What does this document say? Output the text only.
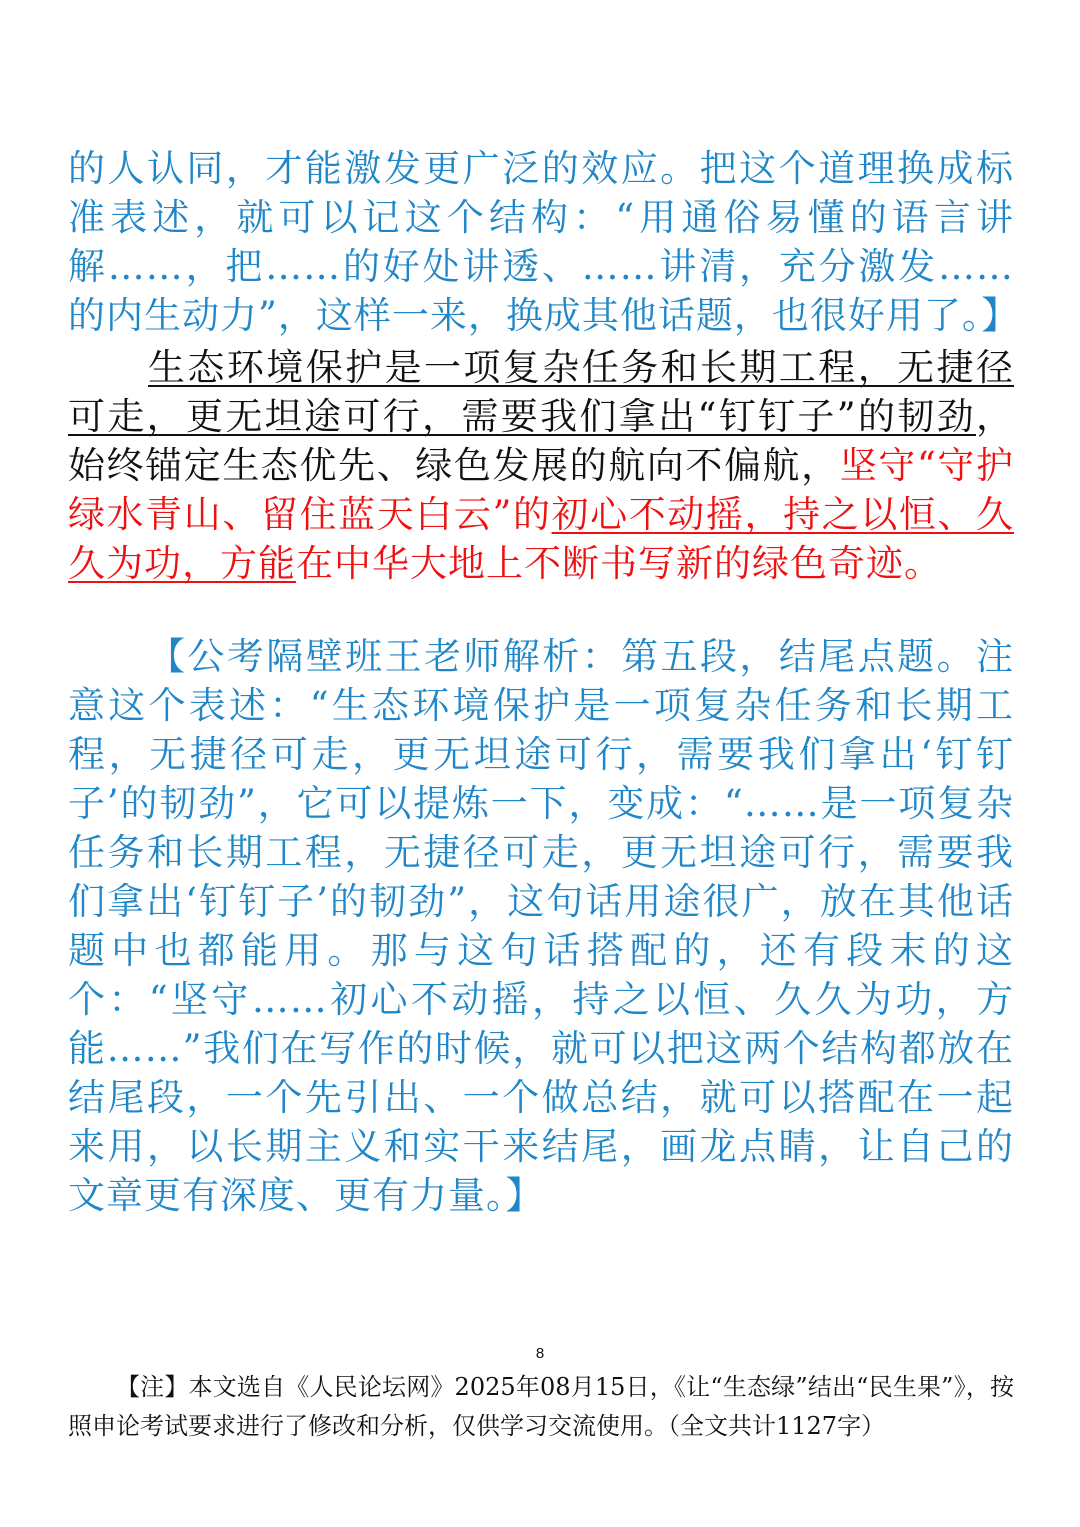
的人认同，才能激发更广泛的效应。把这个道理换成标准表述，就可以记这个结构：“用通俗易懂的语言讲解……，把……的好处讲透、……讲清，充分激发……的内生动力”，这样一来，换成其他话题，也很好用了。】

生态环境保护是一项复杂任务和长期工程，无捷径可走，更无坦途可行，需要我们拿出“钉钉子”的韧劲，始终锚定生态优先、绿色发展的航向不偏航，坚守“守护绿水青山、留住蓝天白云”的初心不动摇，持之以恒、久久为功，方能在中华大地上不断书写新的绿色奇迹。

【公考隔壁班王老师解析：第五段，结尾点题。注意这个表述：“生态环境保护是一项复杂任务和长期工程，无捷径可走，更无坦途可行，需要我们拿出‘钉钉子’的韧劲”，它可以提炼一下，变成：“……是一项复杂任务和长期工程，无捷径可走，更无坦途可行，需要我们拿出‘钉钉子’的韧劲”，这句话用途很广，放在其他话题中也都能用。那与这句话搭配的，还有段末的这个：“坚守……初心不动摇，持之以恒、久久为功，方能……”我们在写作的时候，就可以把这两个结构都放在结尾段，一个先引出、一个做总结，就可以搭配在一起来用，以长期主义和实干来结尾，画龙点睛，让自己的文章更有深度、更有力量。】

8

【注】本文选自《人民论坛网》2025年08月15日，《让“生态绿”结出“民生果”》，按照申论考试要求进行了修改和分析，仅供学习交流使用。（全文共计1127字）
